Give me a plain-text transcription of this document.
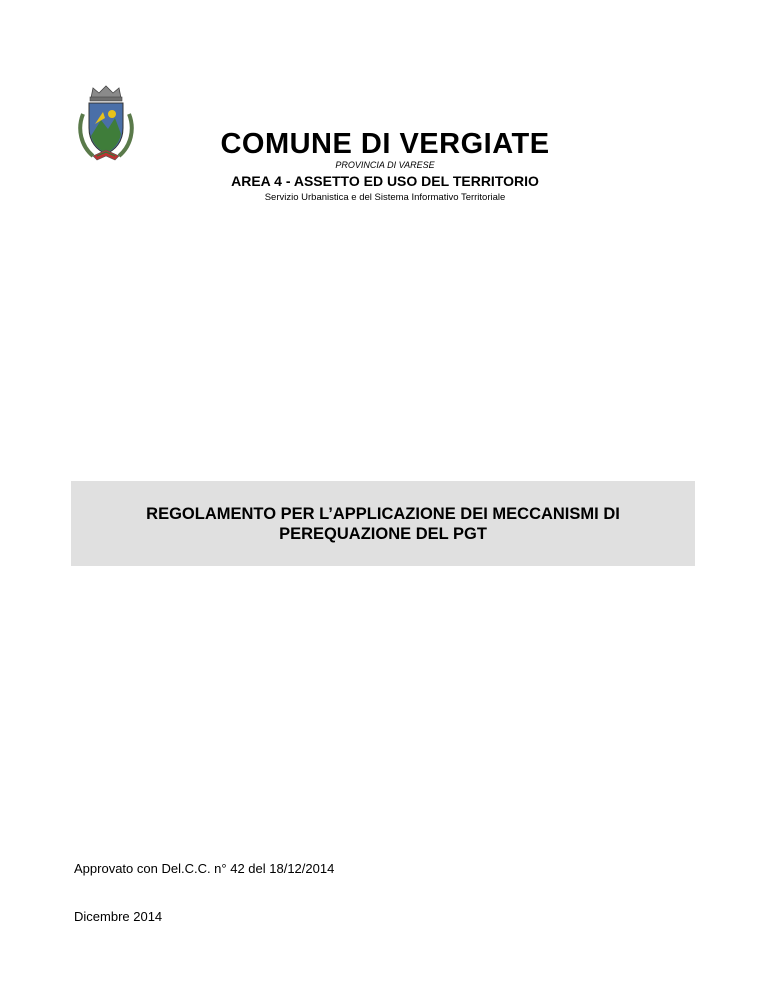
COMUNE DI VERGIATE
PROVINCIA DI VARESE
AREA 4 - ASSETTO ED USO DEL TERRITORIO
Servizio Urbanistica e del Sistema Informativo Territoriale
REGOLAMENTO PER L’APPLICAZIONE DEI MECCANISMI DI
PEREQUAZIONE DEL PGT
Approvato con Del.C.C. n° 42 del 18/12/2014
Dicembre 2014
